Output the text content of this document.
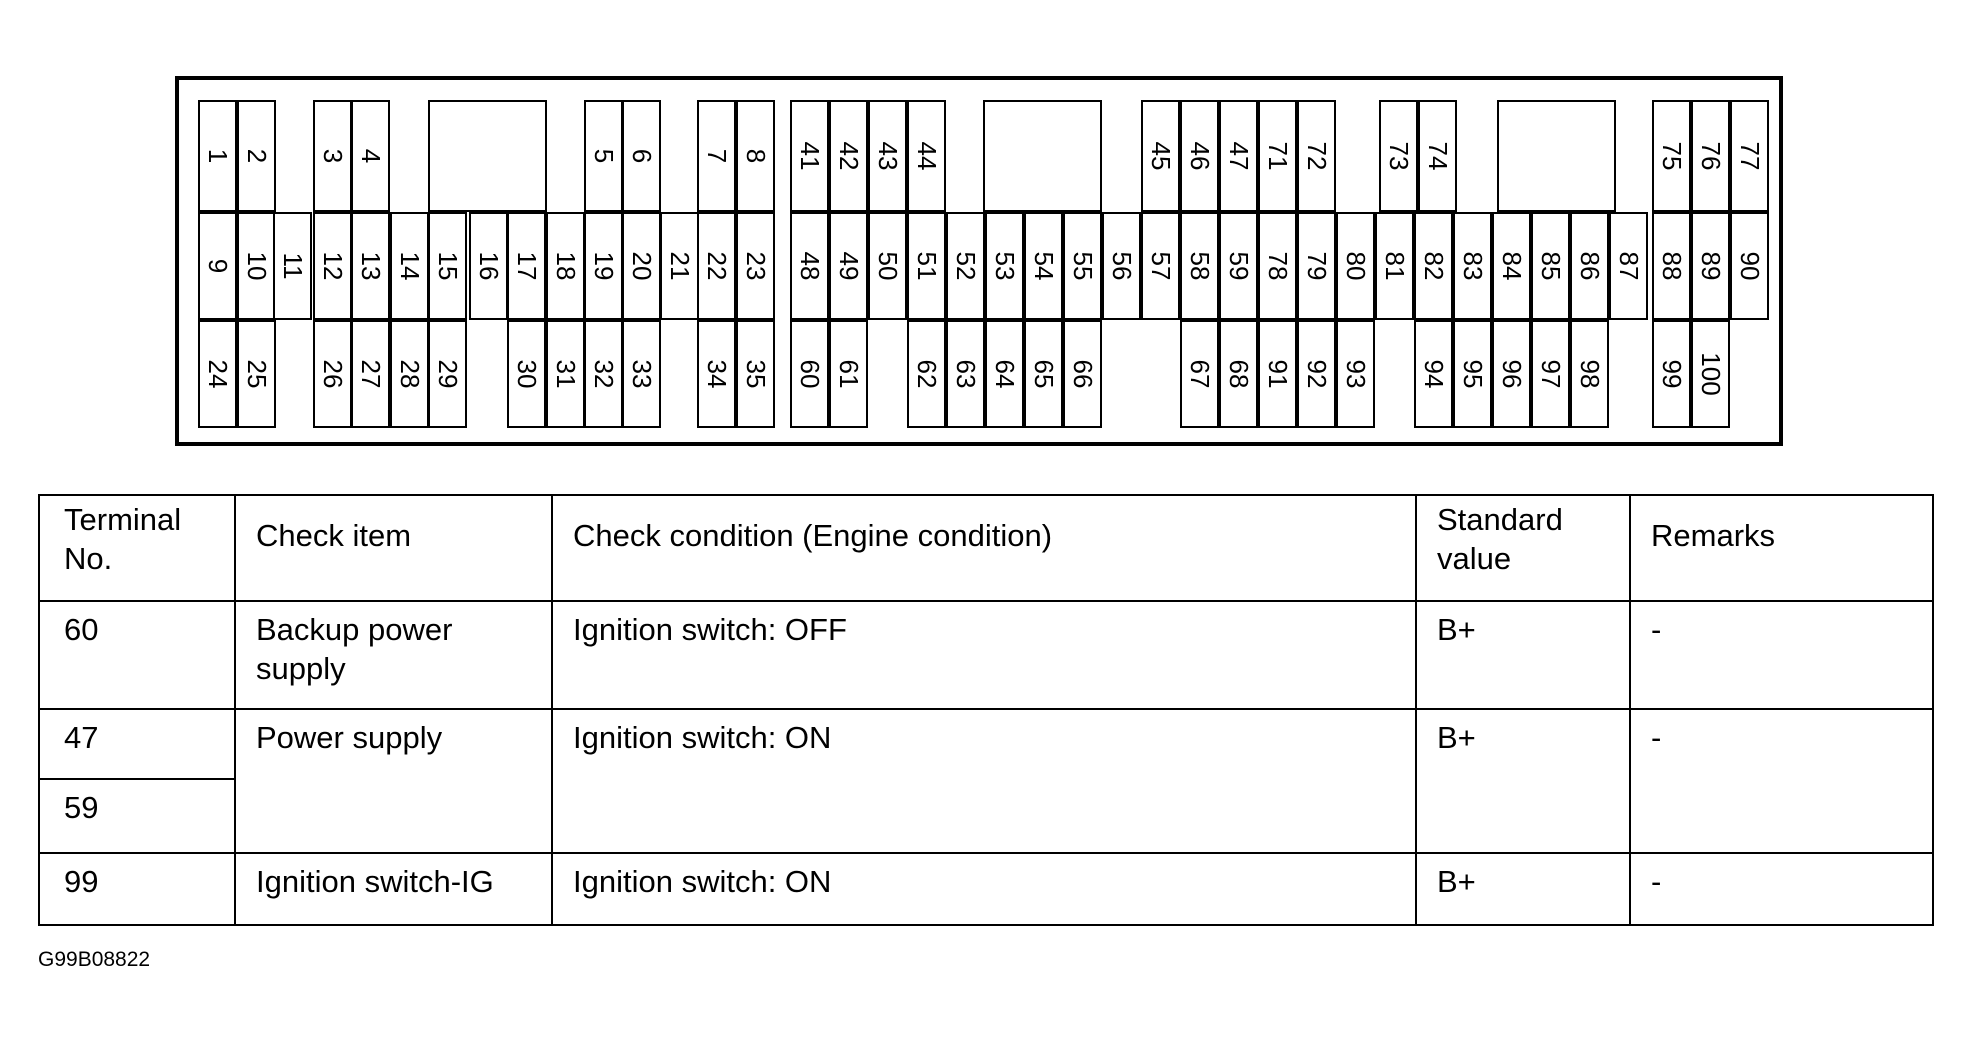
1 2 3 4	5 6 7 8 41 42 43 44	45 46 47 71 72 73 74	75 76 77
9 10 11 12 13 14 15 16 17 18 19 20 21 22 23 48 49 50 51 52 53 54 55 56 57 58 59 78 79 80 81 82 83 84 85 86 87 88 89 90
24 25 26 27 28 29 30 31 32 33 34 35 60 61 62 63 64 65 66	67 68 91 92 93 94 95 96 97 98 99 100
Terminal No.	Check item	Check condition (Engine condition)	Standard value	Remarks
60	Backup power supply	Ignition switch: OFF	B+	-
47	Power supply	Ignition switch: ON	B+	-
59				
99	Ignition switch-IG	Ignition switch: ON	B+	-
G99B08822
